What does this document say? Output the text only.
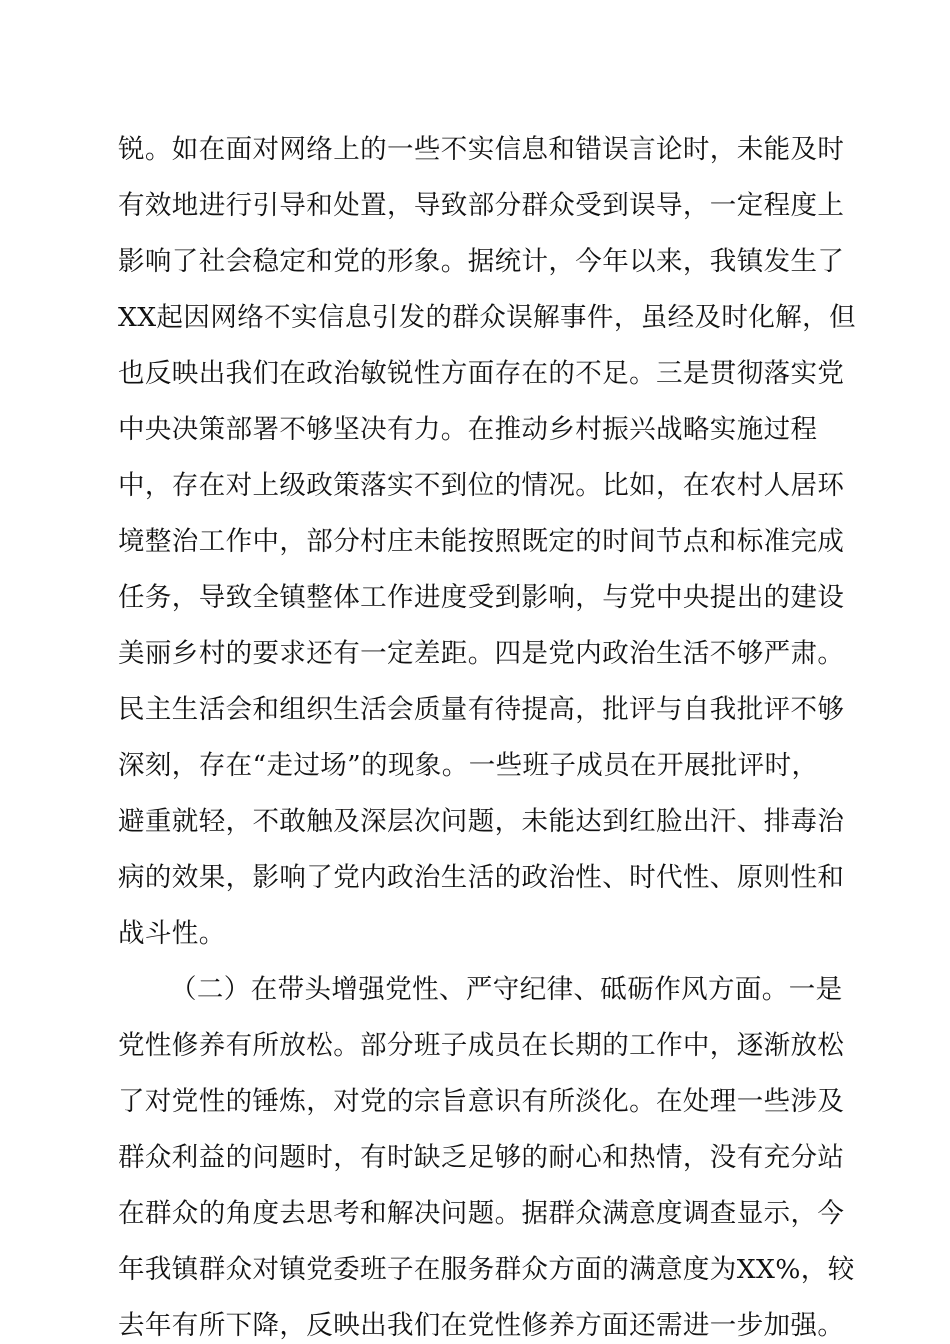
锐。如在面对网络上的一些不实信息和错误言论时，未能及时
有效地进行引导和处置，导致部分群众受到误导，一定程度上
影响了社会稳定和党的形象。据统计，今年以来，我镇发生了
XX起因网络不实信息引发的群众误解事件，虽经及时化解，但
也反映出我们在政治敏锐性方面存在的不足。三是贯彻落实党
中央决策部署不够坚决有力。在推动乡村振兴战略实施过程
中，存在对上级政策落实不到位的情况。比如，在农村人居环
境整治工作中，部分村庄未能按照既定的时间节点和标准完成
任务，导致全镇整体工作进度受到影响，与党中央提出的建设
美丽乡村的要求还有一定差距。四是党内政治生活不够严肃。
民主生活会和组织生活会质量有待提高，批评与自我批评不够
深刻，存在“走过场”的现象。一些班子成员在开展批评时，
避重就轻，不敢触及深层次问题，未能达到红脸出汗、排毒治
病的效果，影响了党内政治生活的政治性、时代性、原则性和
战斗性。
（二）在带头增强党性、严守纪律、砥砺作风方面。一是
党性修养有所放松。部分班子成员在长期的工作中，逐渐放松
了对党性的锤炼，对党的宗旨意识有所淡化。在处理一些涉及
群众利益的问题时，有时缺乏足够的耐心和热情，没有充分站
在群众的角度去思考和解决问题。据群众满意度调查显示，今
年我镇群众对镇党委班子在服务群众方面的满意度为XX%，较
去年有所下降，反映出我们在党性修养方面还需进一步加强。
